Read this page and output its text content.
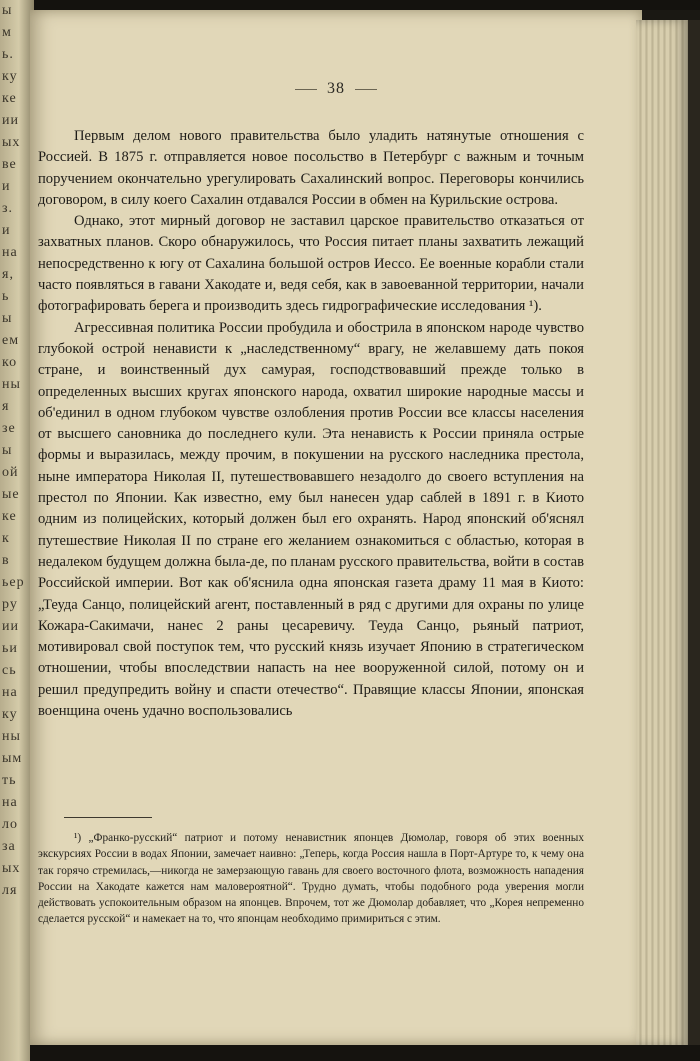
ы
м
ь.
ку
ке
ии
ых
ве
и
з.
и
на
я,
ь
ы
ем
ко
ны
я
зе
ы
ой
ые
ке
к
в
ьер
ру
ии
ьи
сь
на
ку
ны
ым
ть
на
ло
за
ых
ля
38

Первым делом нового правительства было уладить натянутые отношения с Россией. В 1875 г. отправляется новое посольство в Петербург с важным и точным поручением окончательно урегулировать Сахалинский вопрос. Переговоры кончились договором, в силу коего Сахалин отдавался России в обмен на Курильские острова.

Однако, этот мирный договор не заставил царское правительство отказаться от захватных планов. Скоро обнаружилось, что Россия питает планы захватить лежащий непосредственно к югу от Сахалина большой остров Иессо. Ее военные корабли стали часто появляться в гавани Хакодате и, ведя себя, как в завоеванной территории, начали фотографировать берега и производить здесь гидрографические исследования ¹).

Агрессивная политика России пробудила и обострила в японском народе чувство глубокой острой ненависти к „наследственному“ врагу, не желавшему дать покоя стране, и воинственный дух самурая, господствовавший прежде только в определенных высших кругах японского народа, охватил широкие народные массы и об'единил в одном глубоком чувстве озлобления против России все классы населения от высшего сановника до последнего кули. Эта ненависть к России приняла острые формы и выразилась, между прочим, в покушении на русского наследника престола, ныне императора Николая II, путешествовавшего незадолго до своего вступления на престол по Японии. Как известно, ему был нанесен удар саблей в 1891 г. в Киото одним из полицейских, который должен был его охранять. Народ японский об'яснял путешествие Николая II по стране его желанием ознакомиться с областью, которая в недалеком будущем должна была-де, по планам русского правительства, войти в состав Российской империи. Вот как об'яснила одна японская газета драму 11 мая в Киото: „Теуда Санцо, полицейский агент, поставленный в ряд с другими для охраны по улице Кожара-Сакимачи, нанес 2 раны цесаревичу. Теуда Санцо, рьяный патриот, мотивировал свой поступок тем, что русский князь изучает Японию в стратегическом отношении, чтобы впоследствии напасть на нее вооруженной силой, потому он и решил предупредить войну и спасти отечество“. Правящие классы Японии, японская военщина очень удачно воспользовались

¹) „Франко-русский“ патриот и потому ненавистник японцев Дюмолар, говоря об этих военных экскурсиях России в водах Японии, замечает наивно: „Теперь, когда Россия нашла в Порт-Артуре то, к чему она так горячо стремилась,—никогда не замерзающую гавань для своего восточного флота, возможность нападения России на Хакодате кажется нам маловероятной“. Трудно думать, чтобы подобного рода уверения могли действовать успокоительным образом на японцев. Впрочем, тот же Дюмолар добавляет, что „Корея непременно сделается русской“ и намекает на то, что японцам необходимо примириться с этим.
